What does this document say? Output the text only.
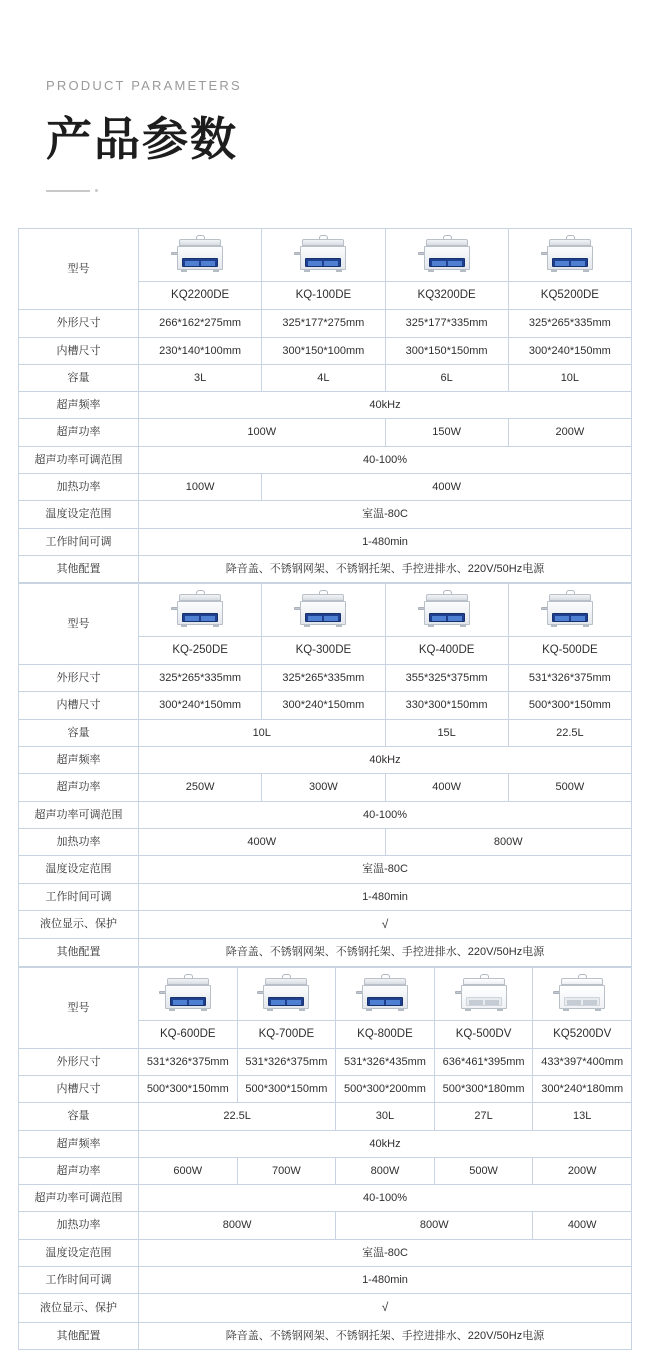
PRODUCT PARAMETERS
产品参数
型号	

	KQ2200DE	KQ-100DE	KQ3200DE	KQ5200DE
外形尺寸	266*162*275mm	325*177*275mm	325*177*335mm	325*265*335mm
内槽尺寸	230*140*100mm	300*150*100mm	300*150*150mm	300*240*150mm
容量	3L	4L	6L	10L
超声频率	40kHz			
超声功率	100W		150W	200W
超声功率可调范围	40-100%			
加热功率	100W	400W		
温度设定范围	室温-80C			
工作时间可调	1-480min			
其他配置	降音盖、不锈钢网架、不锈钢托架、手控进排水、220V/50Hz电源			
型号	

	KQ-250DE	KQ-300DE	KQ-400DE	KQ-500DE
外形尺寸	325*265*335mm	325*265*335mm	355*325*375mm	531*326*375mm
内槽尺寸	300*240*150mm	300*240*150mm	330*300*150mm	500*300*150mm
容量	10L		15L	22.5L
超声频率	40kHz			
超声功率	250W	300W	400W	500W
超声功率可调范围	40-100%			
加热功率	400W		800W	
温度设定范围	室温-80C			
工作时间可调	1-480min			
液位显示、保护	√			
其他配置	降音盖、不锈钢网架、不锈钢托架、手控进排水、220V/50Hz电源			
型号	

	KQ-600DE	KQ-700DE	KQ-800DE	KQ-500DV	KQ5200DV
外形尺寸	531*326*375mm	531*326*375mm	531*326*435mm	636*461*395mm	433*397*400mm
内槽尺寸	500*300*150mm	500*300*150mm	500*300*200mm	500*300*180mm	300*240*180mm
容量	22.5L		30L	27L	13L
超声频率	40kHz				
超声功率	600W	700W	800W	500W	200W
超声功率可调范围	40-100%				
加热功率	800W		800W		400W
温度设定范围	室温-80C				
工作时间可调	1-480min				
液位显示、保护	√				
其他配置	降音盖、不锈钢网架、不锈钢托架、手控进排水、220V/50Hz电源				
